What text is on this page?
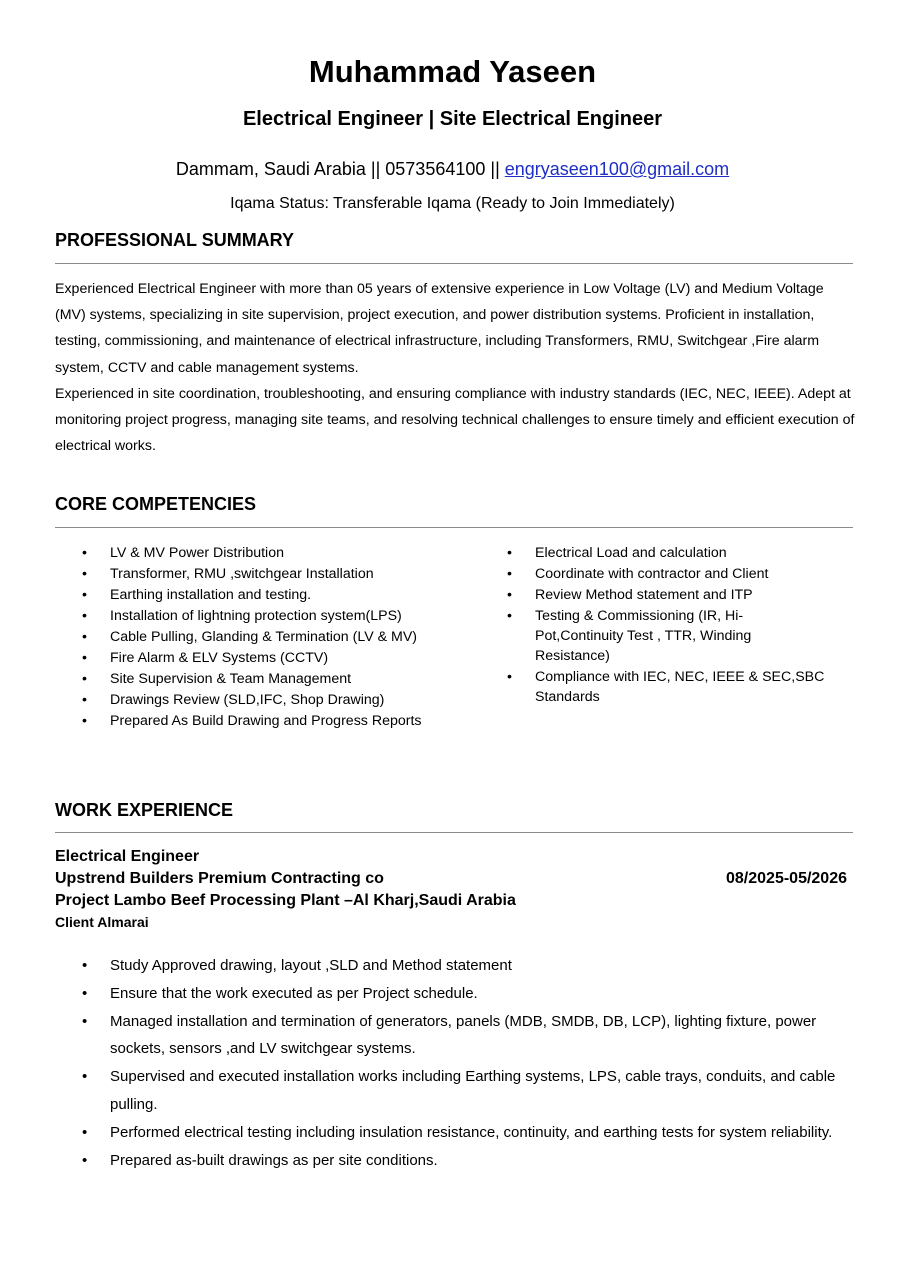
Muhammad Yaseen
Electrical Engineer | Site Electrical Engineer
Dammam, Saudi Arabia || 0573564100 || engryaseen100@gmail.com
Iqama Status: Transferable Iqama (Ready to Join Immediately)
PROFESSIONAL SUMMARY

Experienced Electrical Engineer with more than 05 years of extensive experience in Low Voltage (LV) and Medium Voltage (MV) systems, specializing in site supervision, project execution, and power distribution systems. Proficient in installation, testing, commissioning, and maintenance of electrical infrastructure, including Transformers, RMU, Switchgear ,Fire alarm system, CCTV and cable management systems.

Experienced in site coordination, troubleshooting, and ensuring compliance with industry standards (IEC, NEC, IEEE). Adept at monitoring project progress, managing site teams, and resolving technical challenges to ensure timely and efficient execution of electrical works.

CORE COMPETENCIES
• LV & MV Power Distribution
• Transformer, RMU ,switchgear Installation
• Earthing installation and testing.
• Installation of lightning protection system(LPS)
• Cable Pulling, Glanding & Termination (LV & MV)
• Fire Alarm & ELV Systems (CCTV)
• Site Supervision & Team Management
• Drawings Review (SLD,IFC, Shop Drawing)
• Prepared As Build Drawing and Progress Reports
• Electrical Load and calculation
• Coordinate with contractor and Client
• Review Method statement and ITP
• Testing & Commissioning (IR, Hi-Pot,Continuity Test , TTR, Winding Resistance)
• Compliance with IEC, NEC, IEEE & SEC,SBC Standards
WORK EXPERIENCE
Electrical Engineer
Upstrend Builders Premium Contracting co	08/2025-05/2026
Project Lambo Beef Processing Plant –Al Kharj,Saudi Arabia
Client Almarai
• Study Approved drawing, layout ,SLD and Method statement
• Ensure that the work executed as per Project schedule.
• Managed installation and termination of generators, panels (MDB, SMDB, DB, LCP), lighting fixture, power sockets, sensors ,and LV switchgear systems.
• Supervised and executed installation works including Earthing systems, LPS, cable trays, conduits, and cable pulling.
• Performed electrical testing including insulation resistance, continuity, and earthing tests for system reliability.
• Prepared as-built drawings as per site conditions.
